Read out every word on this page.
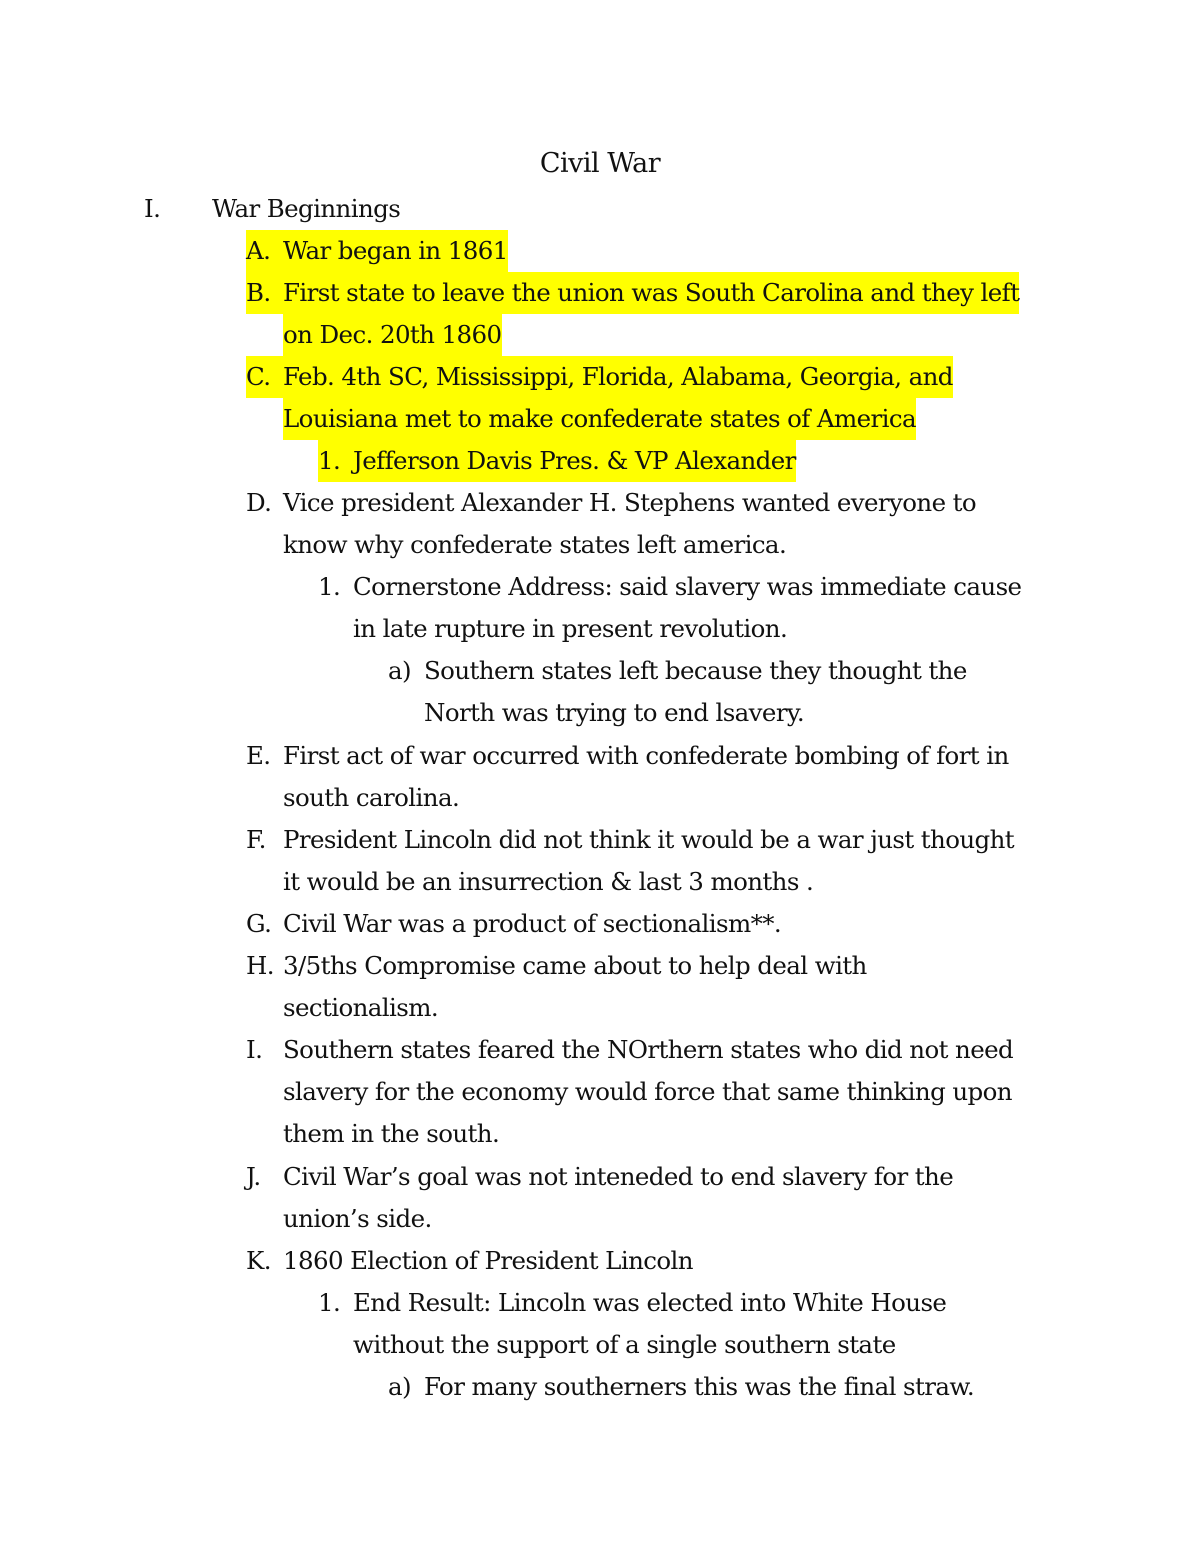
Civil War
I.	War Beginnings
A. War began in 1861
B. First state to leave the union was South Carolina and they left
on Dec. 20th 1860
C. Feb. 4th SC, Mississippi, Florida, Alabama, Georgia, and
Louisiana met to make confederate states of America
1. Jefferson Davis Pres. & VP Alexander
D. Vice president Alexander H. Stephens wanted everyone to
know why confederate states left america.
1. Cornerstone Address: said slavery was immediate cause
in late rupture in present revolution.
a) Southern states left because they thought the
North was trying to end lsavery.
E. First act of war occurred with confederate bombing of fort in
south carolina.
F. President Lincoln did not think it would be a war just thought
it would be an insurrection & last 3 months .
G. Civil War was a product of sectionalism**.
H. 3/5ths Compromise came about to help deal with
sectionalism.
I. Southern states feared the NOrthern states who did not need
slavery for the economy would force that same thinking upon
them in the south.
J. Civil War’s goal was not inteneded to end slavery for the
union’s side.
K. 1860 Election of President Lincoln
1. End Result: Lincoln was elected into White House
without the support of a single southern state
a) For many southerners this was the final straw.
